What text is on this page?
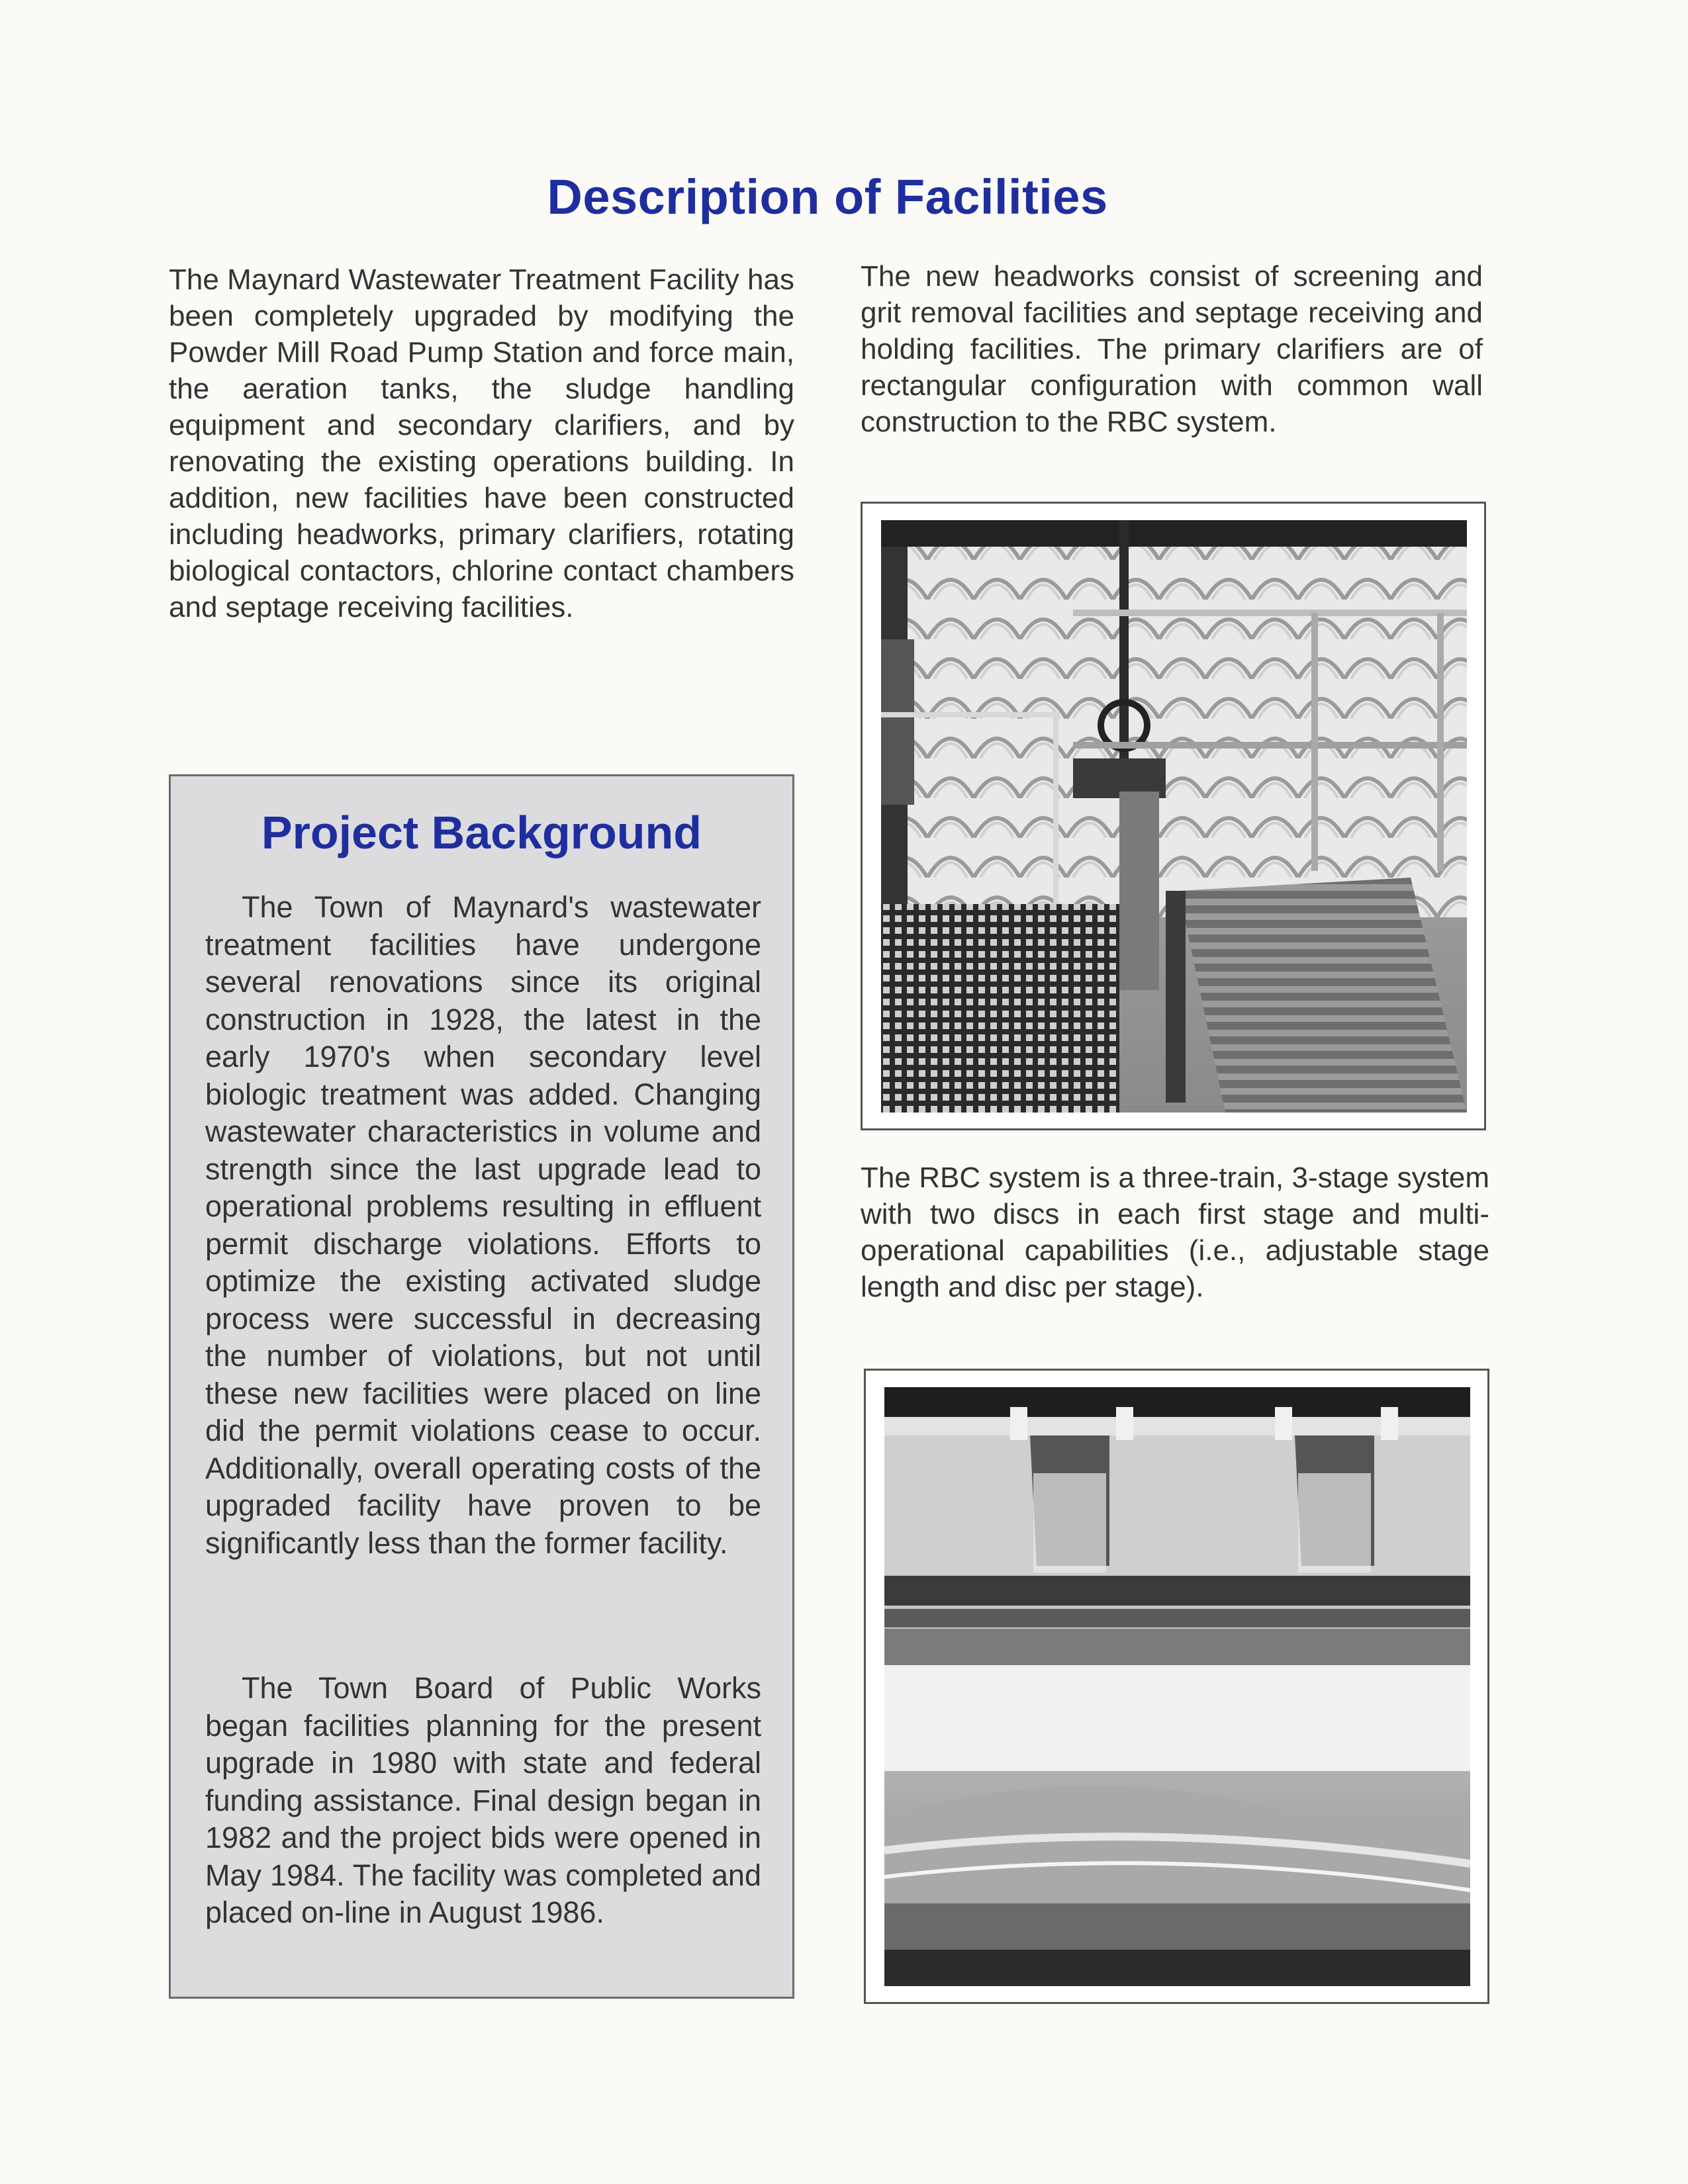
Description of Facilities
The Maynard Wastewater Treatment Facility has been completely upgraded by modifying the Powder Mill Road Pump Station and force main, the aeration tanks, the sludge handling equipment and secondary clarifiers, and by renovating the existing operations building. In addition, new facilities have been constructed including headworks, primary clarifiers, rotating biological contactors, chlorine contact chambers and septage receiving facilities.
The new headworks consist of screening and grit removal facilities and septage receiving and holding facilities. The primary clarifiers are of rectangular configuration with common wall construction to the RBC system.
Project Background
The Town of Maynard's wastewater treatment facilities have undergone several renovations since its original construction in 1928, the latest in the early 1970's when secondary level biologic treatment was added. Changing wastewater characteristics in volume and strength since the last upgrade lead to operational problems resulting in effluent permit discharge violations. Efforts to optimize the existing activated sludge process were successful in decreasing the number of violations, but not until these new facilities were placed on line did the permit violations cease to occur. Additionally, overall operating costs of the upgraded facility have proven to be significantly less than the former facility.
The Town Board of Public Works began facilities planning for the present upgrade in 1980 with state and federal funding assistance. Final design began in 1982 and the project bids were opened in May 1984. The facility was completed and placed on-line in August 1986.
The RBC system is a three-train, 3-stage system with two discs in each first stage and multi-operational capabilities (i.e., adjustable stage length and disc per stage).
